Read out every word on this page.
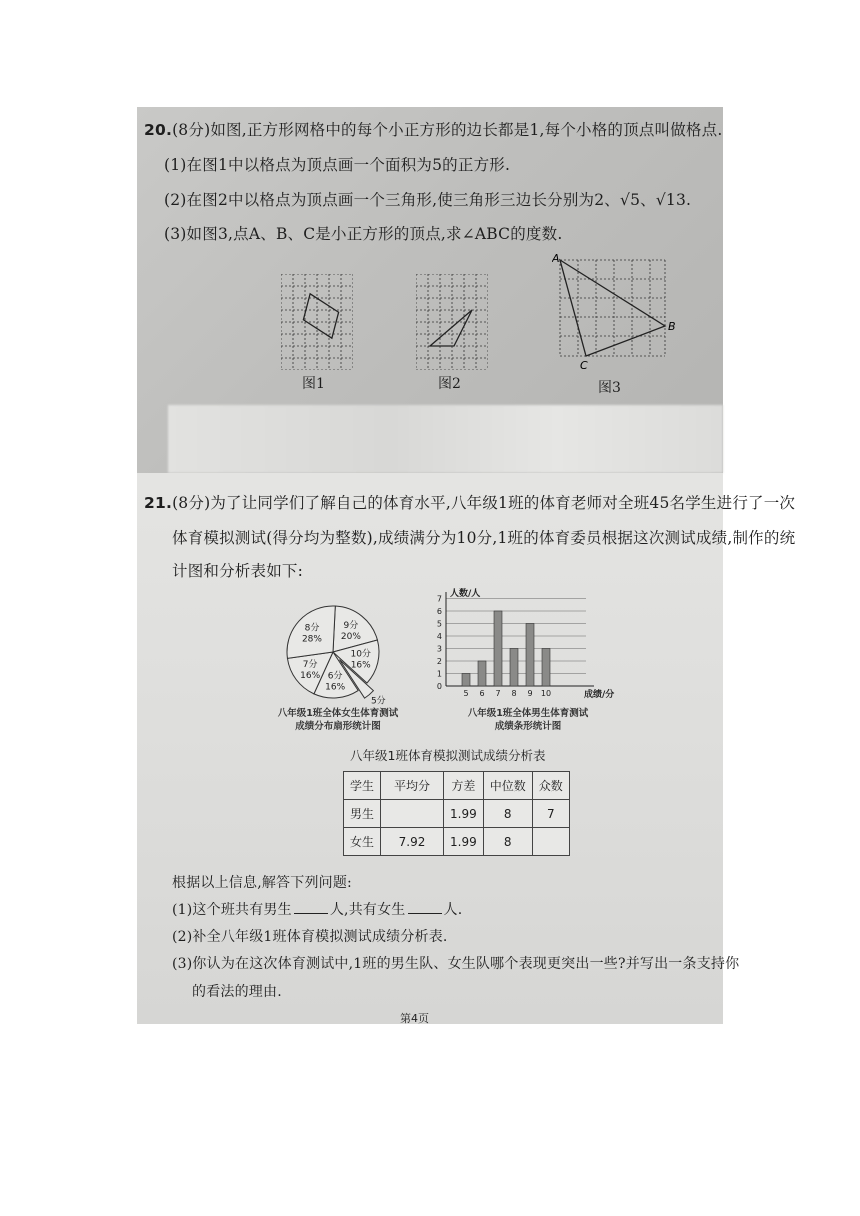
20.(8分)如图,正方形网格中的每个小正方形的边长都是1,每个小格的顶点叫做格点.
(1)在图1中以格点为顶点画一个面积为5的正方形.
(2)在图2中以格点为顶点画一个三角形,使三角形三边长分别为2、√5、√13.
(3)如图3,点A、B、C是小正方形的顶点,求∠ABC的度数.
图1	图2
A
B
C
图3
21.(8分)为了让同学们了解自己的体育水平,八年级1班的体育老师对全班45名学生进行了一次
体育模拟测试(得分均为整数),成绩满分为10分,1班的体育委员根据这次测试成绩,制作的统
计图和分析表如下:
9分
20%
10分
16%
5分
6分
16%
7分
16%
8分
28%
八年级1班全体女生体育测试
成绩分布扇形统计图
0
1
2
3
4
5
6
7
5 6 7 8 9 10
人数/人
成绩/分
八年级1班全体男生体育测试
成绩条形统计图
八年级1班体育模拟测试成绩分析表
学生	平均分	方差	中位数	众数
男生		1.99	8	7
女生	7.92	1.99	8	
根据以上信息,解答下列问题:
(1)这个班共有男生	人,共有女生	人.
(2)补全八年级1班体育模拟测试成绩分析表.
(3)你认为在这次体育测试中,1班的男生队、女生队哪个表现更突出一些?并写出一条支持你
的看法的理由.
第4页
